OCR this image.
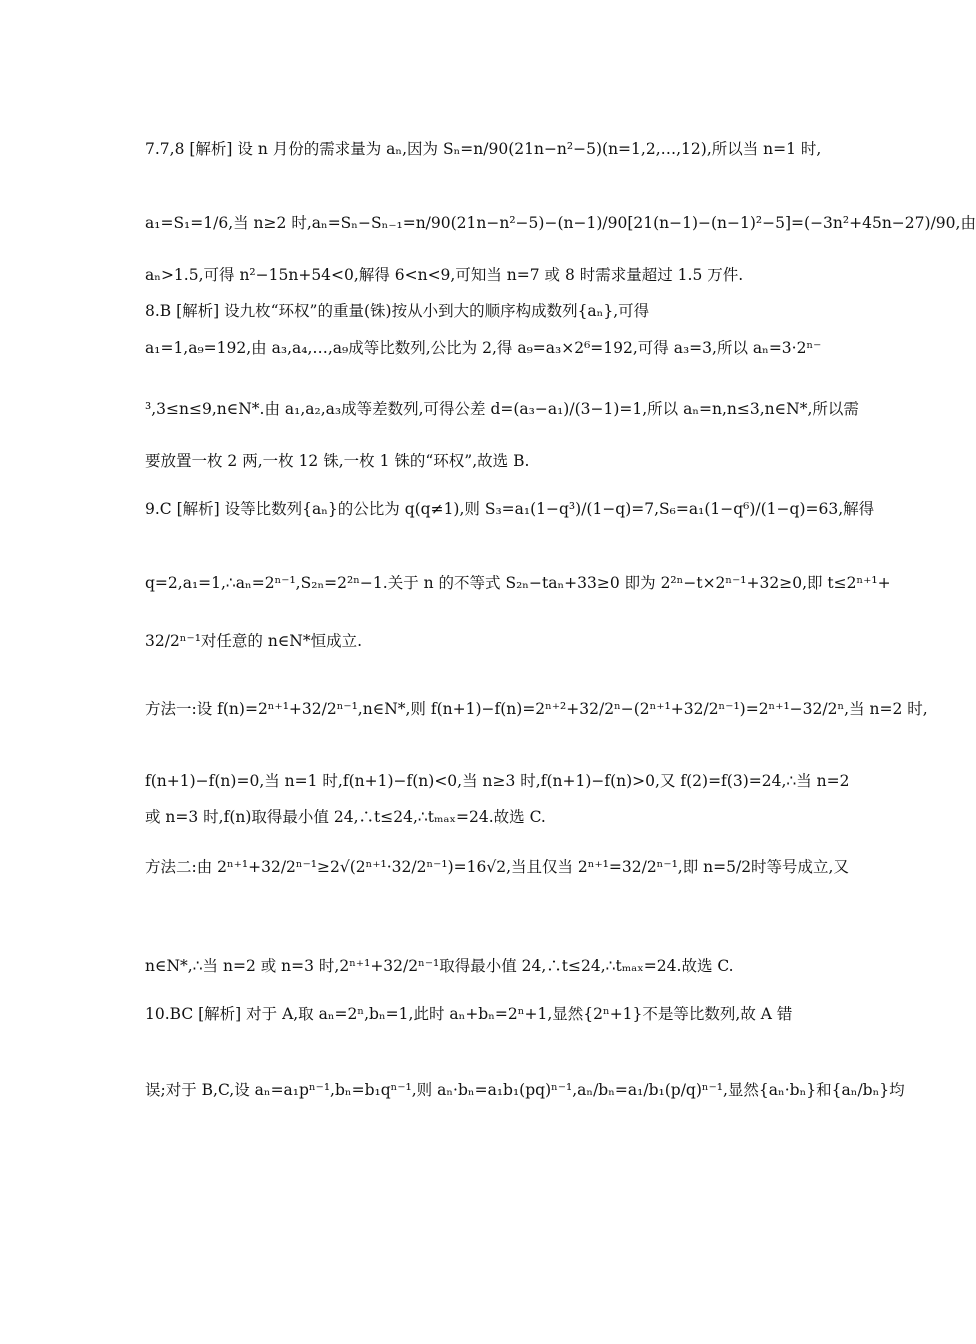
7.7,8 [解析] 设 n 月份的需求量为 aₙ,因为 Sₙ=n/90(21n−n²−5)(n=1,2,…,12),所以当 n=1 时,
a₁=S₁=1/6,当 n≥2 时,aₙ=Sₙ−Sₙ₋₁=n/90(21n−n²−5)−(n−1)/90[21(n−1)−(n−1)²−5]=(−3n²+45n−27)/90,由
aₙ>1.5,可得 n²−15n+54<0,解得 6<n<9,可知当 n=7 或 8 时需求量超过 1.5 万件.
8.B [解析] 设九枚“环权”的重量(铢)按从小到大的顺序构成数列{aₙ},可得
a₁=1,a₉=192,由 a₃,a₄,…,a₉成等比数列,公比为 2,得 a₉=a₃×2⁶=192,可得 a₃=3,所以 aₙ=3·2ⁿ⁻
³,3≤n≤9,n∈N*.由 a₁,a₂,a₃成等差数列,可得公差 d=(a₃−a₁)/(3−1)=1,所以 aₙ=n,n≤3,n∈N*,所以需
要放置一枚 2 两,一枚 12 铢,一枚 1 铢的“环权”,故选 B.
9.C [解析] 设等比数列{aₙ}的公比为 q(q≠1),则 S₃=a₁(1−q³)/(1−q)=7,S₆=a₁(1−q⁶)/(1−q)=63,解得
q=2,a₁=1,∴aₙ=2ⁿ⁻¹,S₂ₙ=2²ⁿ−1.关于 n 的不等式 S₂ₙ−taₙ+33≥0 即为 2²ⁿ−t×2ⁿ⁻¹+32≥0,即 t≤2ⁿ⁺¹+
32/2ⁿ⁻¹对任意的 n∈N*恒成立.
方法一:设 f(n)=2ⁿ⁺¹+32/2ⁿ⁻¹,n∈N*,则 f(n+1)−f(n)=2ⁿ⁺²+32/2ⁿ−(2ⁿ⁺¹+32/2ⁿ⁻¹)=2ⁿ⁺¹−32/2ⁿ,当 n=2 时,
f(n+1)−f(n)=0,当 n=1 时,f(n+1)−f(n)<0,当 n≥3 时,f(n+1)−f(n)>0,又 f(2)=f(3)=24,∴当 n=2
或 n=3 时,f(n)取得最小值 24,∴t≤24,∴tₘₐₓ=24.故选 C.
方法二:由 2ⁿ⁺¹+32/2ⁿ⁻¹≥2√(2ⁿ⁺¹·32/2ⁿ⁻¹)=16√2,当且仅当 2ⁿ⁺¹=32/2ⁿ⁻¹,即 n=5/2时等号成立,又
n∈N*,∴当 n=2 或 n=3 时,2ⁿ⁺¹+32/2ⁿ⁻¹取得最小值 24,∴t≤24,∴tₘₐₓ=24.故选 C.
10.BC [解析] 对于 A,取 aₙ=2ⁿ,bₙ=1,此时 aₙ+bₙ=2ⁿ+1,显然{2ⁿ+1}不是等比数列,故 A 错
误;对于 B,C,设 aₙ=a₁pⁿ⁻¹,bₙ=b₁qⁿ⁻¹,则 aₙ·bₙ=a₁b₁(pq)ⁿ⁻¹,aₙ/bₙ=a₁/b₁(p/q)ⁿ⁻¹,显然{aₙ·bₙ}和{aₙ/bₙ}均
